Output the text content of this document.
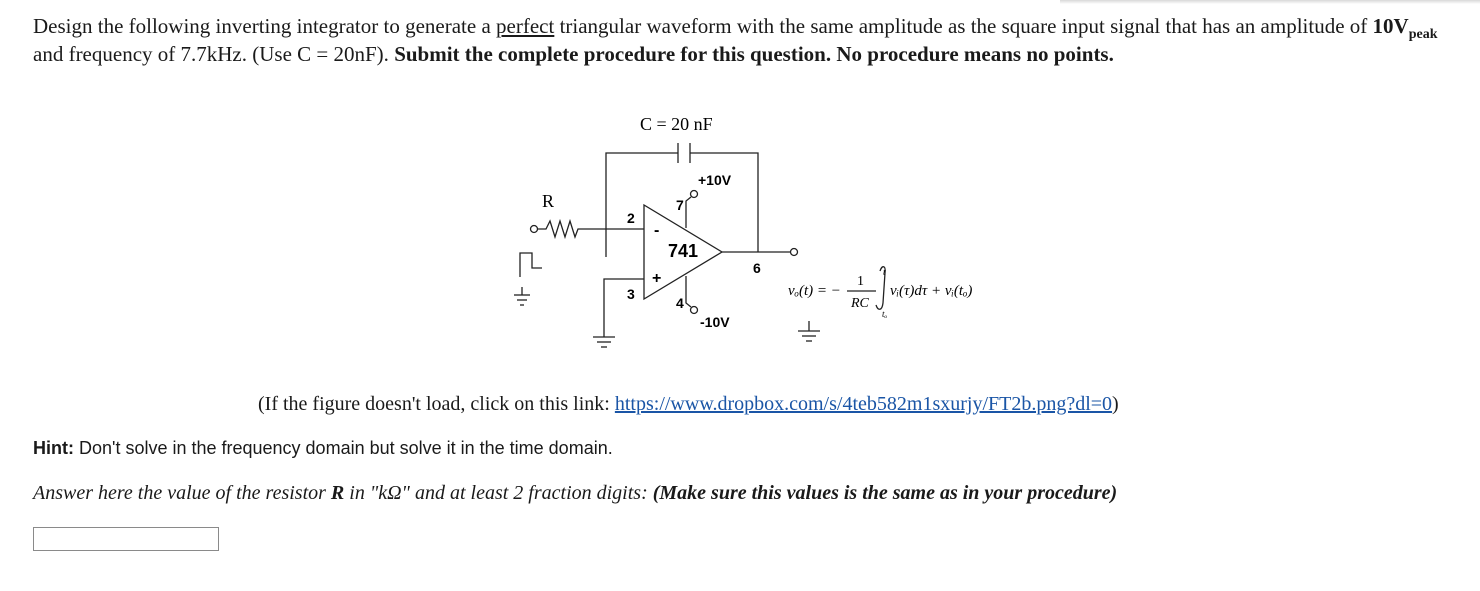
Design the following inverting integrator to generate a perfect triangular waveform with the same amplitude as the square input signal that has an amplitude of $10V_{peak}$ and frequency of 7.7kHz. (Use C = 20nF). Submit the complete procedure for this question. No procedure means no points.
C = 20 nF
R
741
+10V
-10V
2
3
4
6
7
-
+
vₒ(t) = −
1
RC
t
tₒ
vᵢ(τ)dτ + vᵢ(tₒ)
(If the figure doesn't load, click on this link: https://www.dropbox.com/s/4teb582m1sxurjy/FT2b.png?dl=0)
Hint: Don't solve in the frequency domain but solve it in the time domain.
Answer here the value of the resistor R in "kΩ" and at least 2 fraction digits: (Make sure this values is the same as in your procedure)
